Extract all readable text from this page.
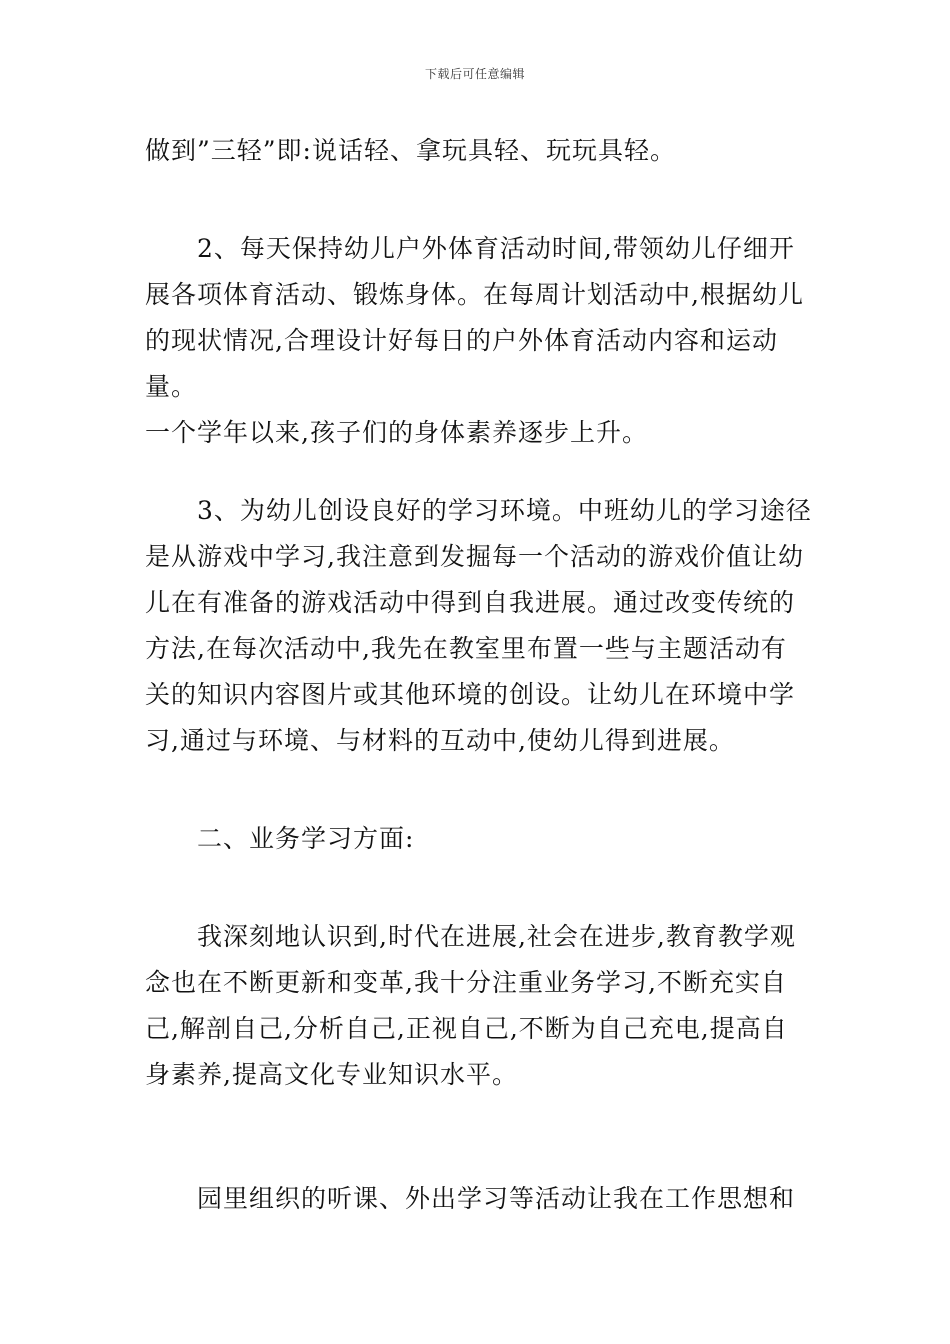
下载后可任意编辑
做到”三轻”即:说话轻、拿玩具轻、玩玩具轻。
2、每天保持幼儿户外体育活动时间,带领幼儿仔细开
展各项体育活动、锻炼身体。在每周计划活动中,根据幼儿
的现状情况,合理设计好每日的户外体育活动内容和运动量。
一个学年以来,孩子们的身体素养逐步上升。
3、为幼儿创设良好的学习环境。中班幼儿的学习途径
是从游戏中学习,我注意到发掘每一个活动的游戏价值让幼
儿在有准备的游戏活动中得到自我进展。通过改变传统的
方法,在每次活动中,我先在教室里布置一些与主题活动有
关的知识内容图片或其他环境的创设。让幼儿在环境中学
习,通过与环境、与材料的互动中,使幼儿得到进展。
二、业务学习方面:
我深刻地认识到,时代在进展,社会在进步,教育教学观
念也在不断更新和变革,我十分注重业务学习,不断充实自
己,解剖自己,分析自己,正视自己,不断为自己充电,提高自
身素养,提高文化专业知识水平。
园里组织的听课、外出学习等活动让我在工作思想和
